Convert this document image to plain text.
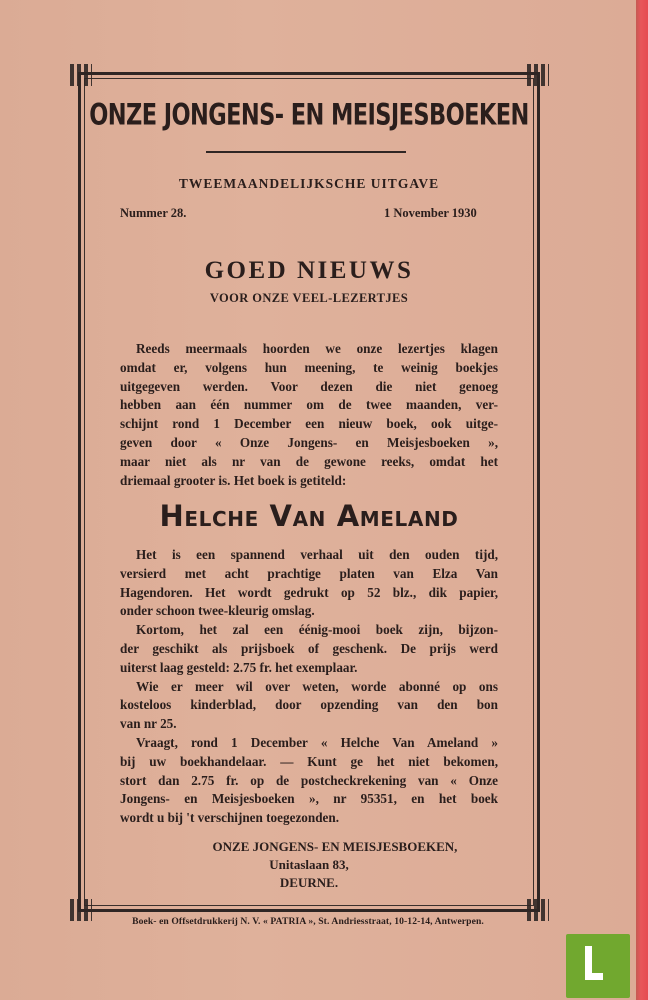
ONZE JONGENS- EN MEISJESBOEKEN
TWEEMAANDELIJKSCHE UITGAVE
Nummer 28.	1 November 1930
GOED NIEUWS
VOOR ONZE VEEL-LEZERTJES
Reeds meermaals hoorden we onze lezertjes klagen
omdat er, volgens hun meening, te weinig boekjes
uitgegeven werden. Voor dezen die niet genoeg
hebben aan één nummer om de twee maanden, ver-
schijnt rond 1 December een nieuw boek, ook uitge-
geven door « Onze Jongens- en Meisjesboeken »,
maar niet als nr van de gewone reeks, omdat het
driemaal grooter is. Het boek is getiteld:
Helche Van Ameland
Het is een spannend verhaal uit den ouden tijd,
versierd met acht prachtige platen van Elza Van
Hagendoren. Het wordt gedrukt op 52 blz., dik papier,
onder schoon twee-kleurig omslag.
Kortom, het zal een éénig-mooi boek zijn, bijzon-
der geschikt als prijsboek of geschenk. De prijs werd
uiterst laag gesteld: 2.75 fr. het exemplaar.
Wie er meer wil over weten, worde abonné op ons
kosteloos kinderblad, door opzending van den bon
van nr 25.
Vraagt, rond 1 December « Helche Van Ameland »
bij uw boekhandelaar. — Kunt ge het niet bekomen,
stort dan 2.75 fr. op de postcheckrekening van « Onze
Jongens- en Meisjesboeken », nr 95351, en het boek
wordt u bij 't verschijnen toegezonden.
ONZE JONGENS- EN MEISJESBOEKEN,
Unitaslaan 83,
DEURNE.
Boek- en Offsetdrukkerij N. V. « PATRIA », St. Andriesstraat, 10-12-14, Antwerpen.
